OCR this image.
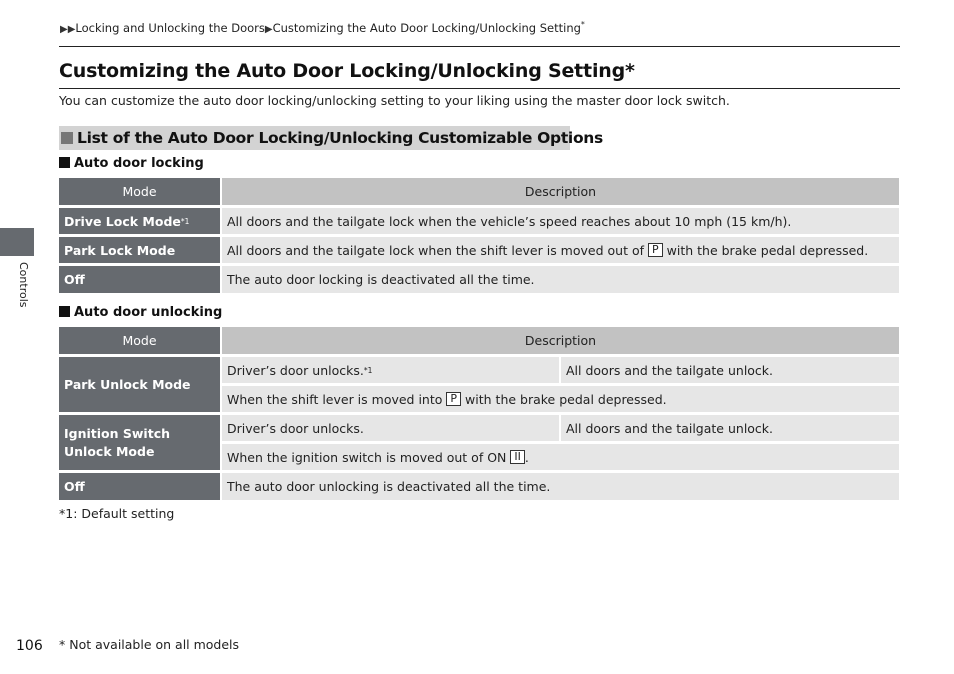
▶▶Locking and Unlocking the Doors▶Customizing the Auto Door Locking/Unlocking Setting*
Customizing the Auto Door Locking/Unlocking Setting*
You can customize the auto door locking/unlocking setting to your liking using the master door lock switch.
List of the Auto Door Locking/Unlocking Customizable Options
Auto door locking
Mode	Description
Drive Lock Mode *1	All doors and the tailgate lock when the vehicle’s speed reaches about 10 mph (15 km/h).
Park Lock Mode	All doors and the tailgate lock when the shift lever is moved out of P with the brake pedal depressed.
Off	The auto door locking is deactivated all the time.
Auto door unlocking
Mode	Description
Park Unlock Mode
Driver’s door unlocks. *1	All doors and the tailgate unlock.
When the shift lever is moved into P with the brake pedal depressed.
Ignition Switch Unlock Mode
Driver’s door unlocks.	All doors and the tailgate unlock.
When the ignition switch is moved out of ON II .
Off	The auto door unlocking is deactivated all the time.
*1: Default setting
Controls
106 * Not available on all models
